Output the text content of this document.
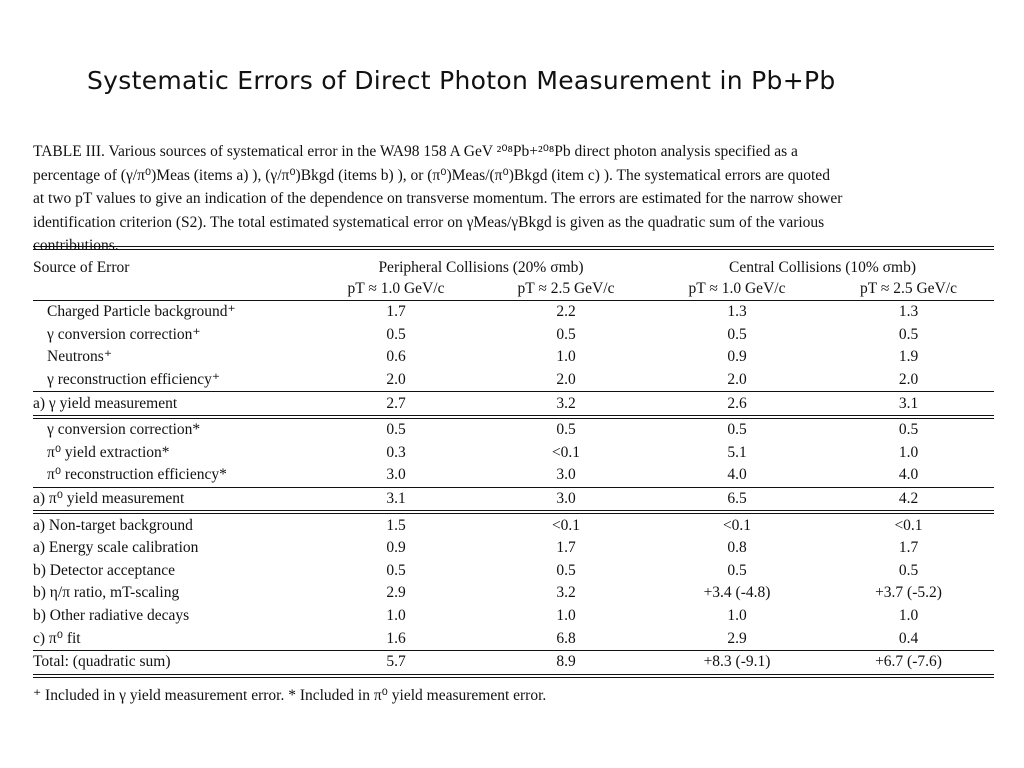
Systematic Errors of Direct Photon Measurement in Pb+Pb
TABLE III. Various sources of systematical error in the WA98 158 A GeV ²⁰⁸Pb+²⁰⁸Pb direct photon analysis specified as a
percentage of (γ/π⁰)Meas (items a) ), (γ/π⁰)Bkgd (items b) ), or (π⁰)Meas/(π⁰)Bkgd (item c) ). The systematical errors are quoted
at two pT values to give an indication of the dependence on transverse momentum. The errors are estimated for the narrow shower
identification criterion (S2). The total estimated systematical error on γMeas/γBkgd is given as the quadratic sum of the various
contributions.
Source of Error	Peripheral Collisions (20% σmb)		Central Collisions (10% σmb)	
	pT ≈ 1.0 GeV/c	pT ≈ 2.5 GeV/c	pT ≈ 1.0 GeV/c	pT ≈ 2.5 GeV/c
Charged Particle background⁺	1.7	2.2	1.3	1.3
γ conversion correction⁺	0.5	0.5	0.5	0.5
Neutrons⁺	0.6	1.0	0.9	1.9
γ reconstruction efficiency⁺	2.0	2.0	2.0	2.0
a) γ yield measurement	2.7	3.2	2.6	3.1
γ conversion correction*	0.5	0.5	0.5	0.5
π⁰ yield extraction*	0.3	<0.1	5.1	1.0
π⁰ reconstruction efficiency*	3.0	3.0	4.0	4.0
a) π⁰ yield measurement	3.1	3.0	6.5	4.2
a) Non-target background	1.5	<0.1	<0.1	<0.1
a) Energy scale calibration	0.9	1.7	0.8	1.7
b) Detector acceptance	0.5	0.5	0.5	0.5
b) η/π ratio, mT-scaling	2.9	3.2	+3.4 (-4.8)	+3.7 (-5.2)
b) Other radiative decays	1.0	1.0	1.0	1.0
c) π⁰ fit	1.6	6.8	2.9	0.4
Total: (quadratic sum)	5.7	8.9	+8.3 (-9.1)	+6.7 (-7.6)

⁺ Included in γ yield measurement error. * Included in π⁰ yield measurement error.
